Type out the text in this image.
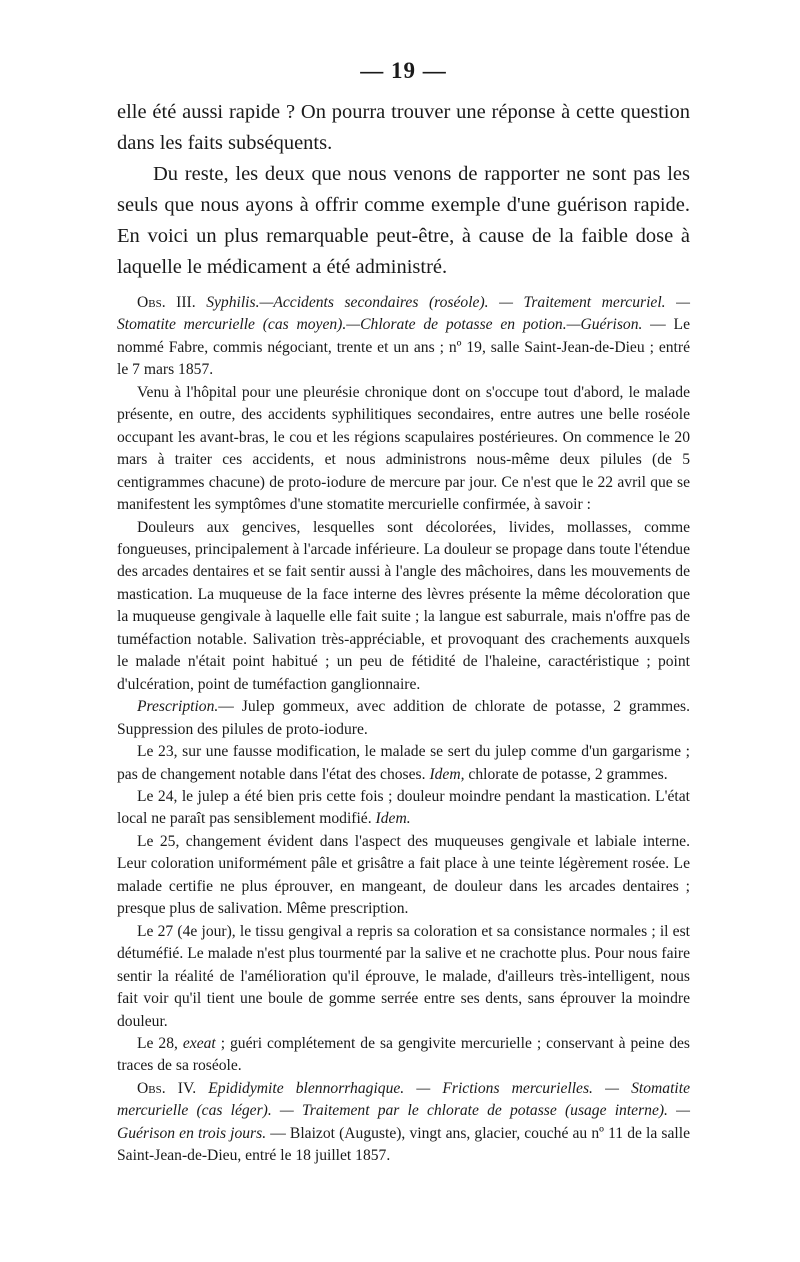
— 19 —

elle été aussi rapide ? On pourra trouver une réponse à cette question dans les faits subséquents.

Du reste, les deux que nous venons de rapporter ne sont pas les seuls que nous ayons à offrir comme exemple d'une guérison rapide. En voici un plus remarquable peut-être, à cause de la faible dose à laquelle le médicament a été administré.

Obs. III. Syphilis.—Accidents secondaires (roséole). — Traitement mercuriel. — Stomatite mercurielle (cas moyen).—Chlorate de potasse en potion.—Guérison. — Le nommé Fabre, commis négociant, trente et un ans ; nº 19, salle Saint-Jean-de-Dieu ; entré le 7 mars 1857.

Venu à l'hôpital pour une pleurésie chronique dont on s'occupe tout d'abord, le malade présente, en outre, des accidents syphilitiques secondaires, entre autres une belle roséole occupant les avant-bras, le cou et les régions scapulaires postérieures. On commence le 20 mars à traiter ces accidents, et nous administrons nous-même deux pilules (de 5 centigrammes chacune) de proto-iodure de mercure par jour. Ce n'est que le 22 avril que se manifestent les symptômes d'une stomatite mercurielle confirmée, à savoir :

Douleurs aux gencives, lesquelles sont décolorées, livides, mollasses, comme fongueuses, principalement à l'arcade inférieure. La douleur se propage dans toute l'étendue des arcades dentaires et se fait sentir aussi à l'angle des mâchoires, dans les mouvements de mastication. La muqueuse de la face interne des lèvres présente la même décoloration que la muqueuse gengivale à laquelle elle fait suite ; la langue est saburrale, mais n'offre pas de tuméfaction notable. Salivation très-appréciable, et provoquant des crachements auxquels le malade n'était point habitué ; un peu de fétidité de l'haleine, caractéristique ; point d'ulcération, point de tuméfaction ganglionnaire.

Prescription.— Julep gommeux, avec addition de chlorate de potasse, 2 grammes. Suppression des pilules de proto-iodure.

Le 23, sur une fausse modification, le malade se sert du julep comme d'un gargarisme ; pas de changement notable dans l'état des choses. Idem, chlorate de potasse, 2 grammes.

Le 24, le julep a été bien pris cette fois ; douleur moindre pendant la mastication. L'état local ne paraît pas sensiblement modifié. Idem.

Le 25, changement évident dans l'aspect des muqueuses gengivale et labiale interne. Leur coloration uniformément pâle et grisâtre a fait place à une teinte légèrement rosée. Le malade certifie ne plus éprouver, en mangeant, de douleur dans les arcades dentaires ; presque plus de salivation. Même prescription.

Le 27 (4e jour), le tissu gengival a repris sa coloration et sa consistance normales ; il est détuméfié. Le malade n'est plus tourmenté par la salive et ne crachotte plus. Pour nous faire sentir la réalité de l'amélioration qu'il éprouve, le malade, d'ailleurs très-intelligent, nous fait voir qu'il tient une boule de gomme serrée entre ses dents, sans éprouver la moindre douleur.

Le 28, exeat ; guéri complétement de sa gengivite mercurielle ; conservant à peine des traces de sa roséole.

Obs. IV. Epididymite blennorrhagique. — Frictions mercurielles. — Stomatite mercurielle (cas léger). — Traitement par le chlorate de potasse (usage interne). — Guérison en trois jours. — Blaizot (Auguste), vingt ans, glacier, couché au nº 11 de la salle Saint-Jean-de-Dieu, entré le 18 juillet 1857.
